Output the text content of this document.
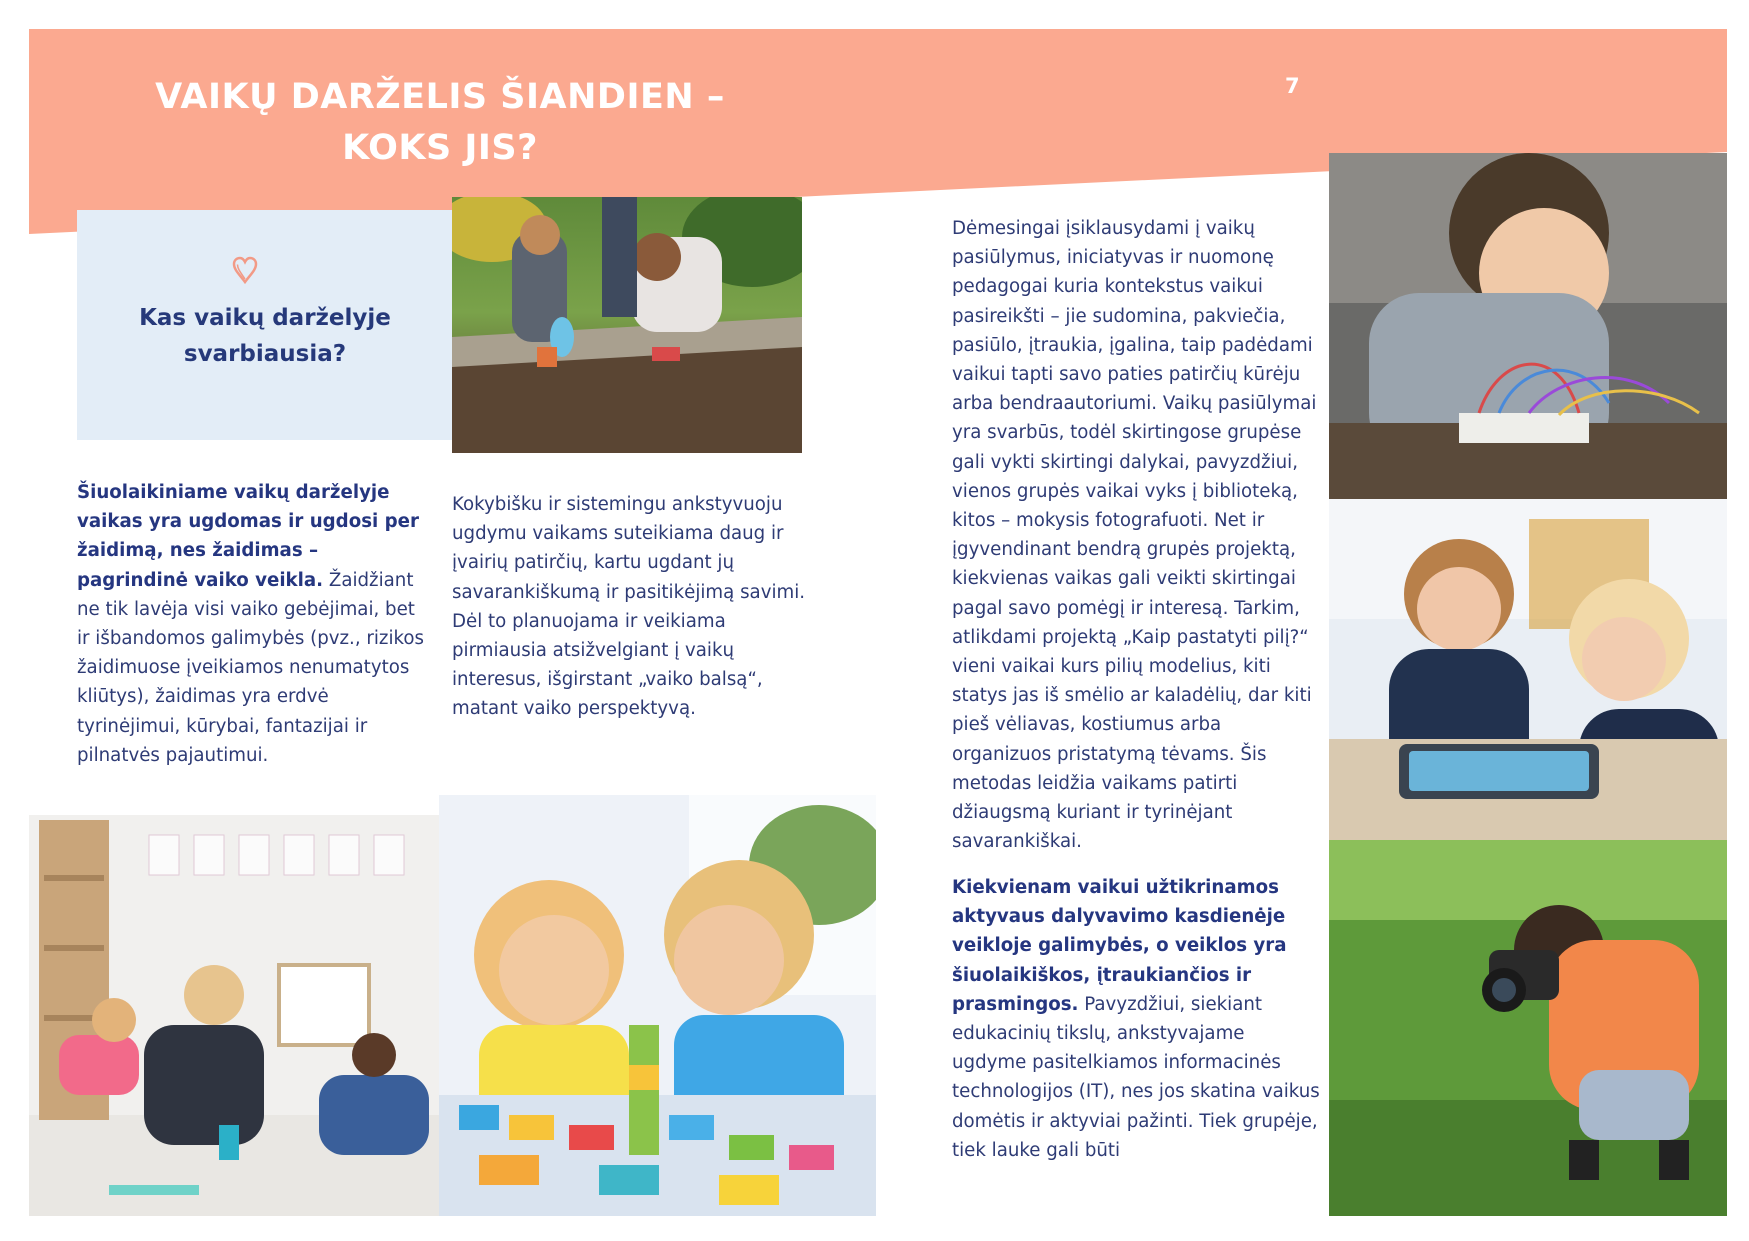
VAIKŲ DARŽELIS ŠIANDIEN –
KOKS JIS?
7
Kas vaikų darželyje svarbiausia?
Šiuolaikiniame vaikų darželyje vaikas yra ugdomas ir ugdosi per žaidimą, nes žaidimas – pagrindinė vaiko veikla. Žaidžiant ne tik lavėja visi vaiko gebėjimai, bet ir išbandomos galimybės (pvz., rizikos žaidimuose įveikiamos nenumatytos kliūtys), žaidimas yra erdvė tyrinėjimui, kūrybai, fantazijai ir pilnatvės pajautimui.
Kokybišku ir sistemingu ankstyvuoju ugdymu vaikams suteikiama daug ir įvairių patirčių, kartu ugdant jų savarankiškumą ir pasitikėjimą savimi. Dėl to planuojama ir veikiama pirmiausia atsižvelgiant į vaikų interesus, išgirstant „vaiko balsą“, matant vaiko perspektyvą.
Dėmesingai įsiklausydami į vaikų pasiūlymus, iniciatyvas ir nuomonę pedagogai kuria kontekstus vaikui pasireikšti – jie sudomina, pakviečia, pasiūlo, įtraukia, įgalina, taip padėdami vaikui tapti savo paties patirčių kūrėju arba bendraautoriumi. Vaikų pasiūlymai yra svarbūs, todėl skirtingose grupėse gali vykti skirtingi dalykai, pavyzdžiui, vienos grupės vaikai vyks į biblioteką, kitos – mokysis fotografuoti. Net ir įgyvendinant bendrą grupės projektą, kiekvienas vaikas gali veikti skirtingai pagal savo pomėgį ir interesą. Tarkim, atlikdami projektą „Kaip pastatyti pilį?“ vieni vaikai kurs pilių modelius, kiti statys jas iš smėlio ar kaladėlių, dar kiti pieš vėliavas, kostiumus arba organizuos pristatymą tėvams. Šis metodas leidžia vaikams patirti džiaugsmą kuriant ir tyrinėjant savarankiškai.
Kiekvienam vaikui užtikrinamos aktyvaus dalyvavimo kasdienėje veikloje galimybės, o veiklos yra šiuolaikiškos, įtraukiančios ir prasmingos. Pavyzdžiui, siekiant edukacinių tikslų, ankstyvajame ugdyme pasitelkiamos informacinės technologijos (IT), nes jos skatina vaikus domėtis ir aktyviai pažinti. Tiek grupėje, tiek lauke gali būti
